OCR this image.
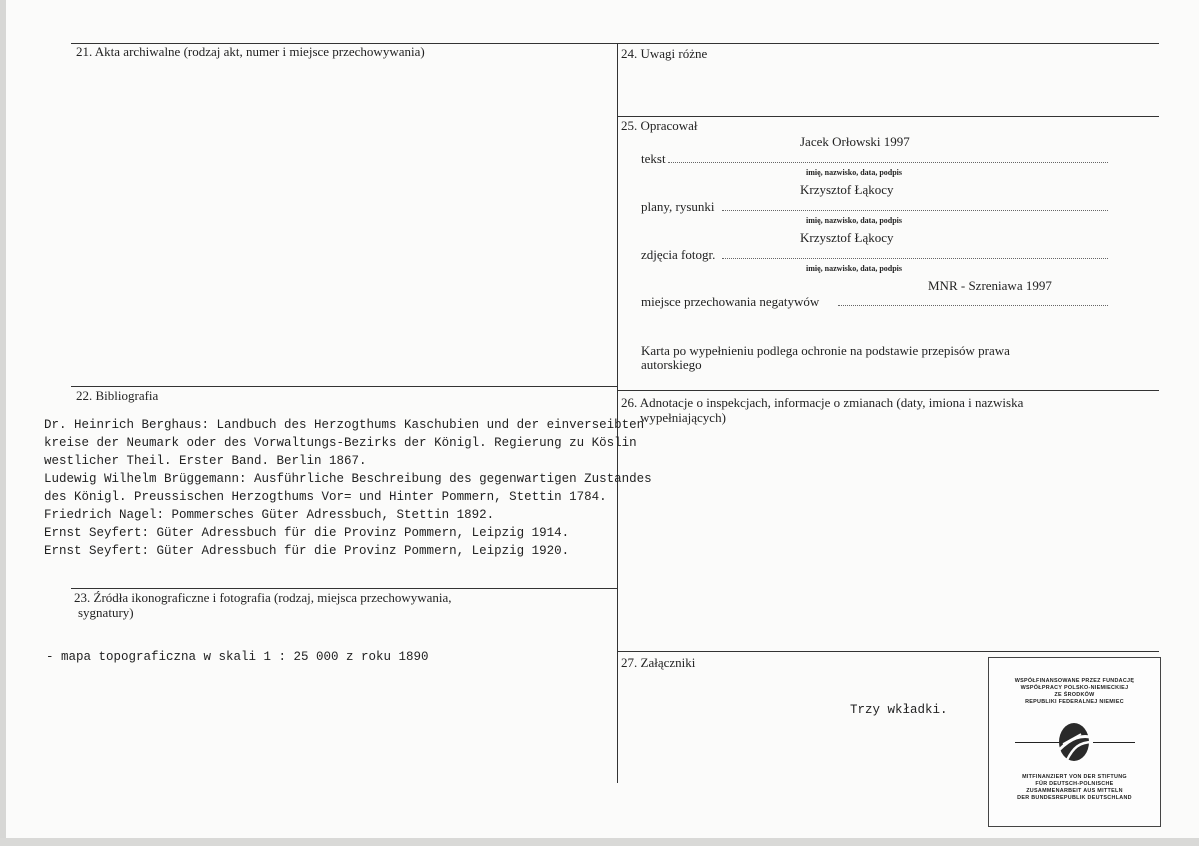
21. Akta archiwalne (rodzaj akt, numer i miejsce przechowywania)
22. Bibliografia
Dr. Heinrich Berghaus: Landbuch des Herzogthums Kaschubien und der einverseibten
kreise der Neumark oder des Vorwaltungs-Bezirks der Königl. Regierung zu Köslin
westlicher Theil. Erster Band. Berlin 1867.
Ludewig Wilhelm Brüggemann: Ausführliche Beschreibung des gegenwartigen Zustandes
des Königl. Preussischen Herzogthums Vor= und Hinter Pommern, Stettin 1784.
Friedrich Nagel: Pommersches Güter Adressbuch, Stettin 1892.
Ernst Seyfert: Güter Adressbuch für die Provinz Pommern, Leipzig 1914.
Ernst Seyfert: Güter Adressbuch für die Provinz Pommern, Leipzig 1920.
23. Źródła ikonograficzne i fotografia (rodzaj, miejsca przechowywania,
sygnatury)
- mapa topograficzna w skali 1 : 25 000 z roku 1890
24. Uwagi różne
25. Opracował
Jacek Orłowski 1997
tekst
imię, nazwisko, data, podpis
Krzysztof Łąkocy
plany, rysunki
imię, nazwisko, data, podpis
Krzysztof Łąkocy
zdjęcia fotogr.
imię, nazwisko, data, podpis
MNR - Szreniawa 1997
miejsce przechowania negatywów
Karta po wypełnieniu podlega ochronie na podstawie przepisów prawa
autorskiego
26. Adnotacje o inspekcjach, informacje o zmianach (daty, imiona i nazwiska
wypełniających)
27. Załączniki
Trzy wkładki.
WSPÓŁFINANSOWANE PRZEZ FUNDACJĘ
WSPÓŁPRACY POLSKO-NIEMIECKIEJ
ZE ŚRODKÓW
REPUBLIKI FEDERALNEJ NIEMIEC
MITFINANZIERT VON DER STIFTUNG
FÜR DEUTSCH-POLNISCHE
ZUSAMMENARBEIT AUS MITTELN
DER BUNDESREPUBLIK DEUTSCHLAND
